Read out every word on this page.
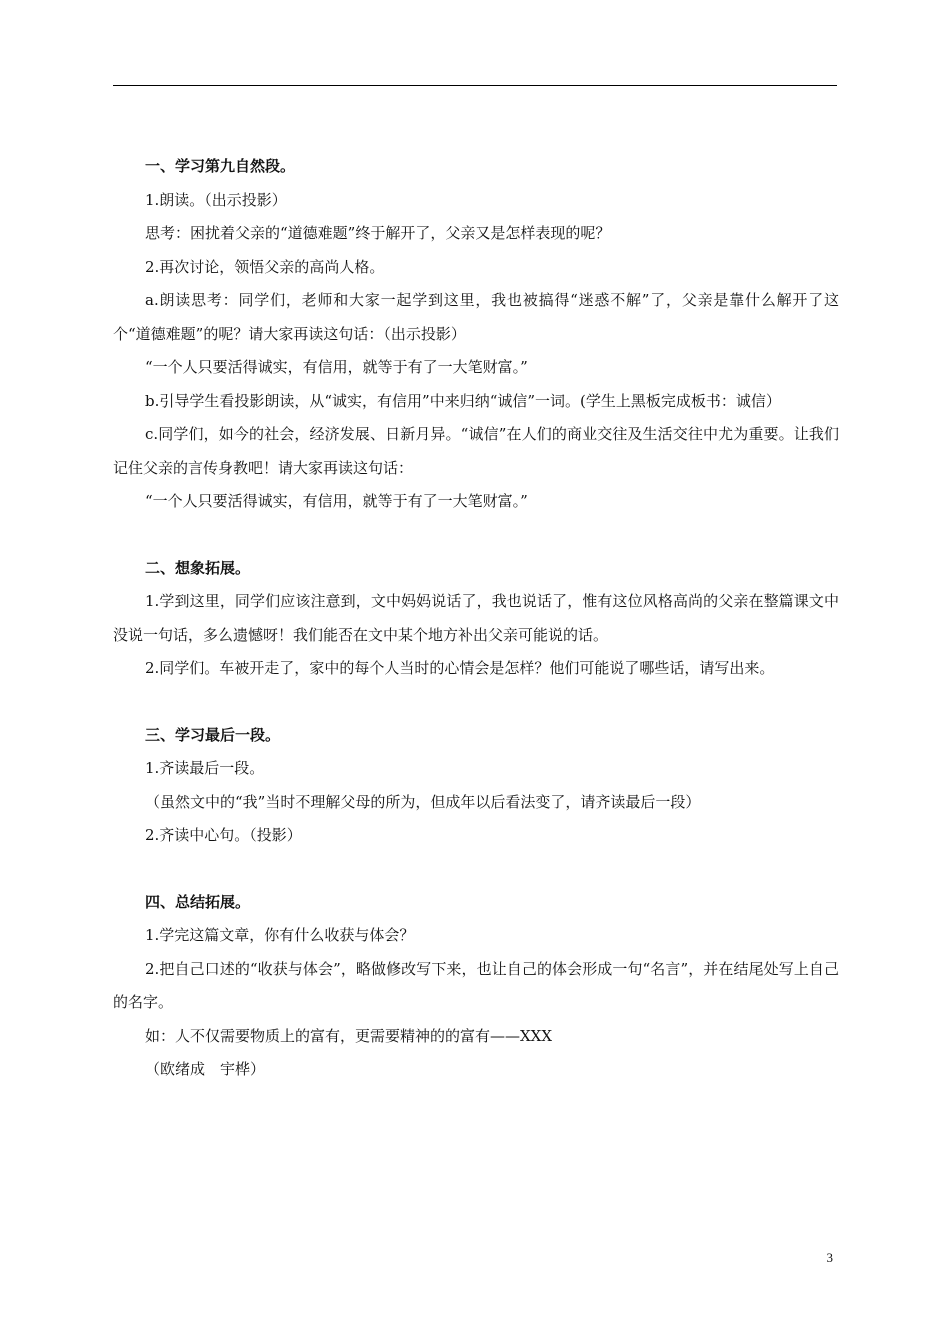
一、学习第九自然段。

1.朗读。（出示投影）

思考：困扰着父亲的“道德难题”终于解开了，父亲又是怎样表现的呢？

2.再次讨论，领悟父亲的高尚人格。

a.朗读思考：同学们，老师和大家一起学到这里，我也被搞得“迷惑不解”了，父亲是靠什么解开了这个“道德难题”的呢？请大家再读这句话：（出示投影）

“一个人只要活得诚实，有信用，就等于有了一大笔财富。”

b.引导学生看投影朗读，从“诚实，有信用”中来归纳“诚信”一词。(学生上黑板完成板书：诚信）

c.同学们，如今的社会，经济发展、日新月异。“诚信”在人们的商业交往及生活交往中尤为重要。让我们记住父亲的言传身教吧！请大家再读这句话：

“一个人只要活得诚实，有信用，就等于有了一大笔财富。”

二、想象拓展。

1.学到这里，同学们应该注意到，文中妈妈说话了，我也说话了，惟有这位风格高尚的父亲在整篇课文中没说一句话，多么遗憾呀！我们能否在文中某个地方补出父亲可能说的话。

2.同学们。车被开走了，家中的每个人当时的心情会是怎样？他们可能说了哪些话，请写出来。

三、学习最后一段。

1.齐读最后一段。

（虽然文中的“我”当时不理解父母的所为，但成年以后看法变了，请齐读最后一段）

2.齐读中心句。（投影）

四、总结拓展。

1.学完这篇文章，你有什么收获与体会？

2.把自己口述的“收获与体会”，略做修改写下来，也让自己的体会形成一句“名言”，并在结尾处写上自己的名字。

如：人不仅需要物质上的富有，更需要精神的的富有——XXX

（欧绪成　宇桦）

3
